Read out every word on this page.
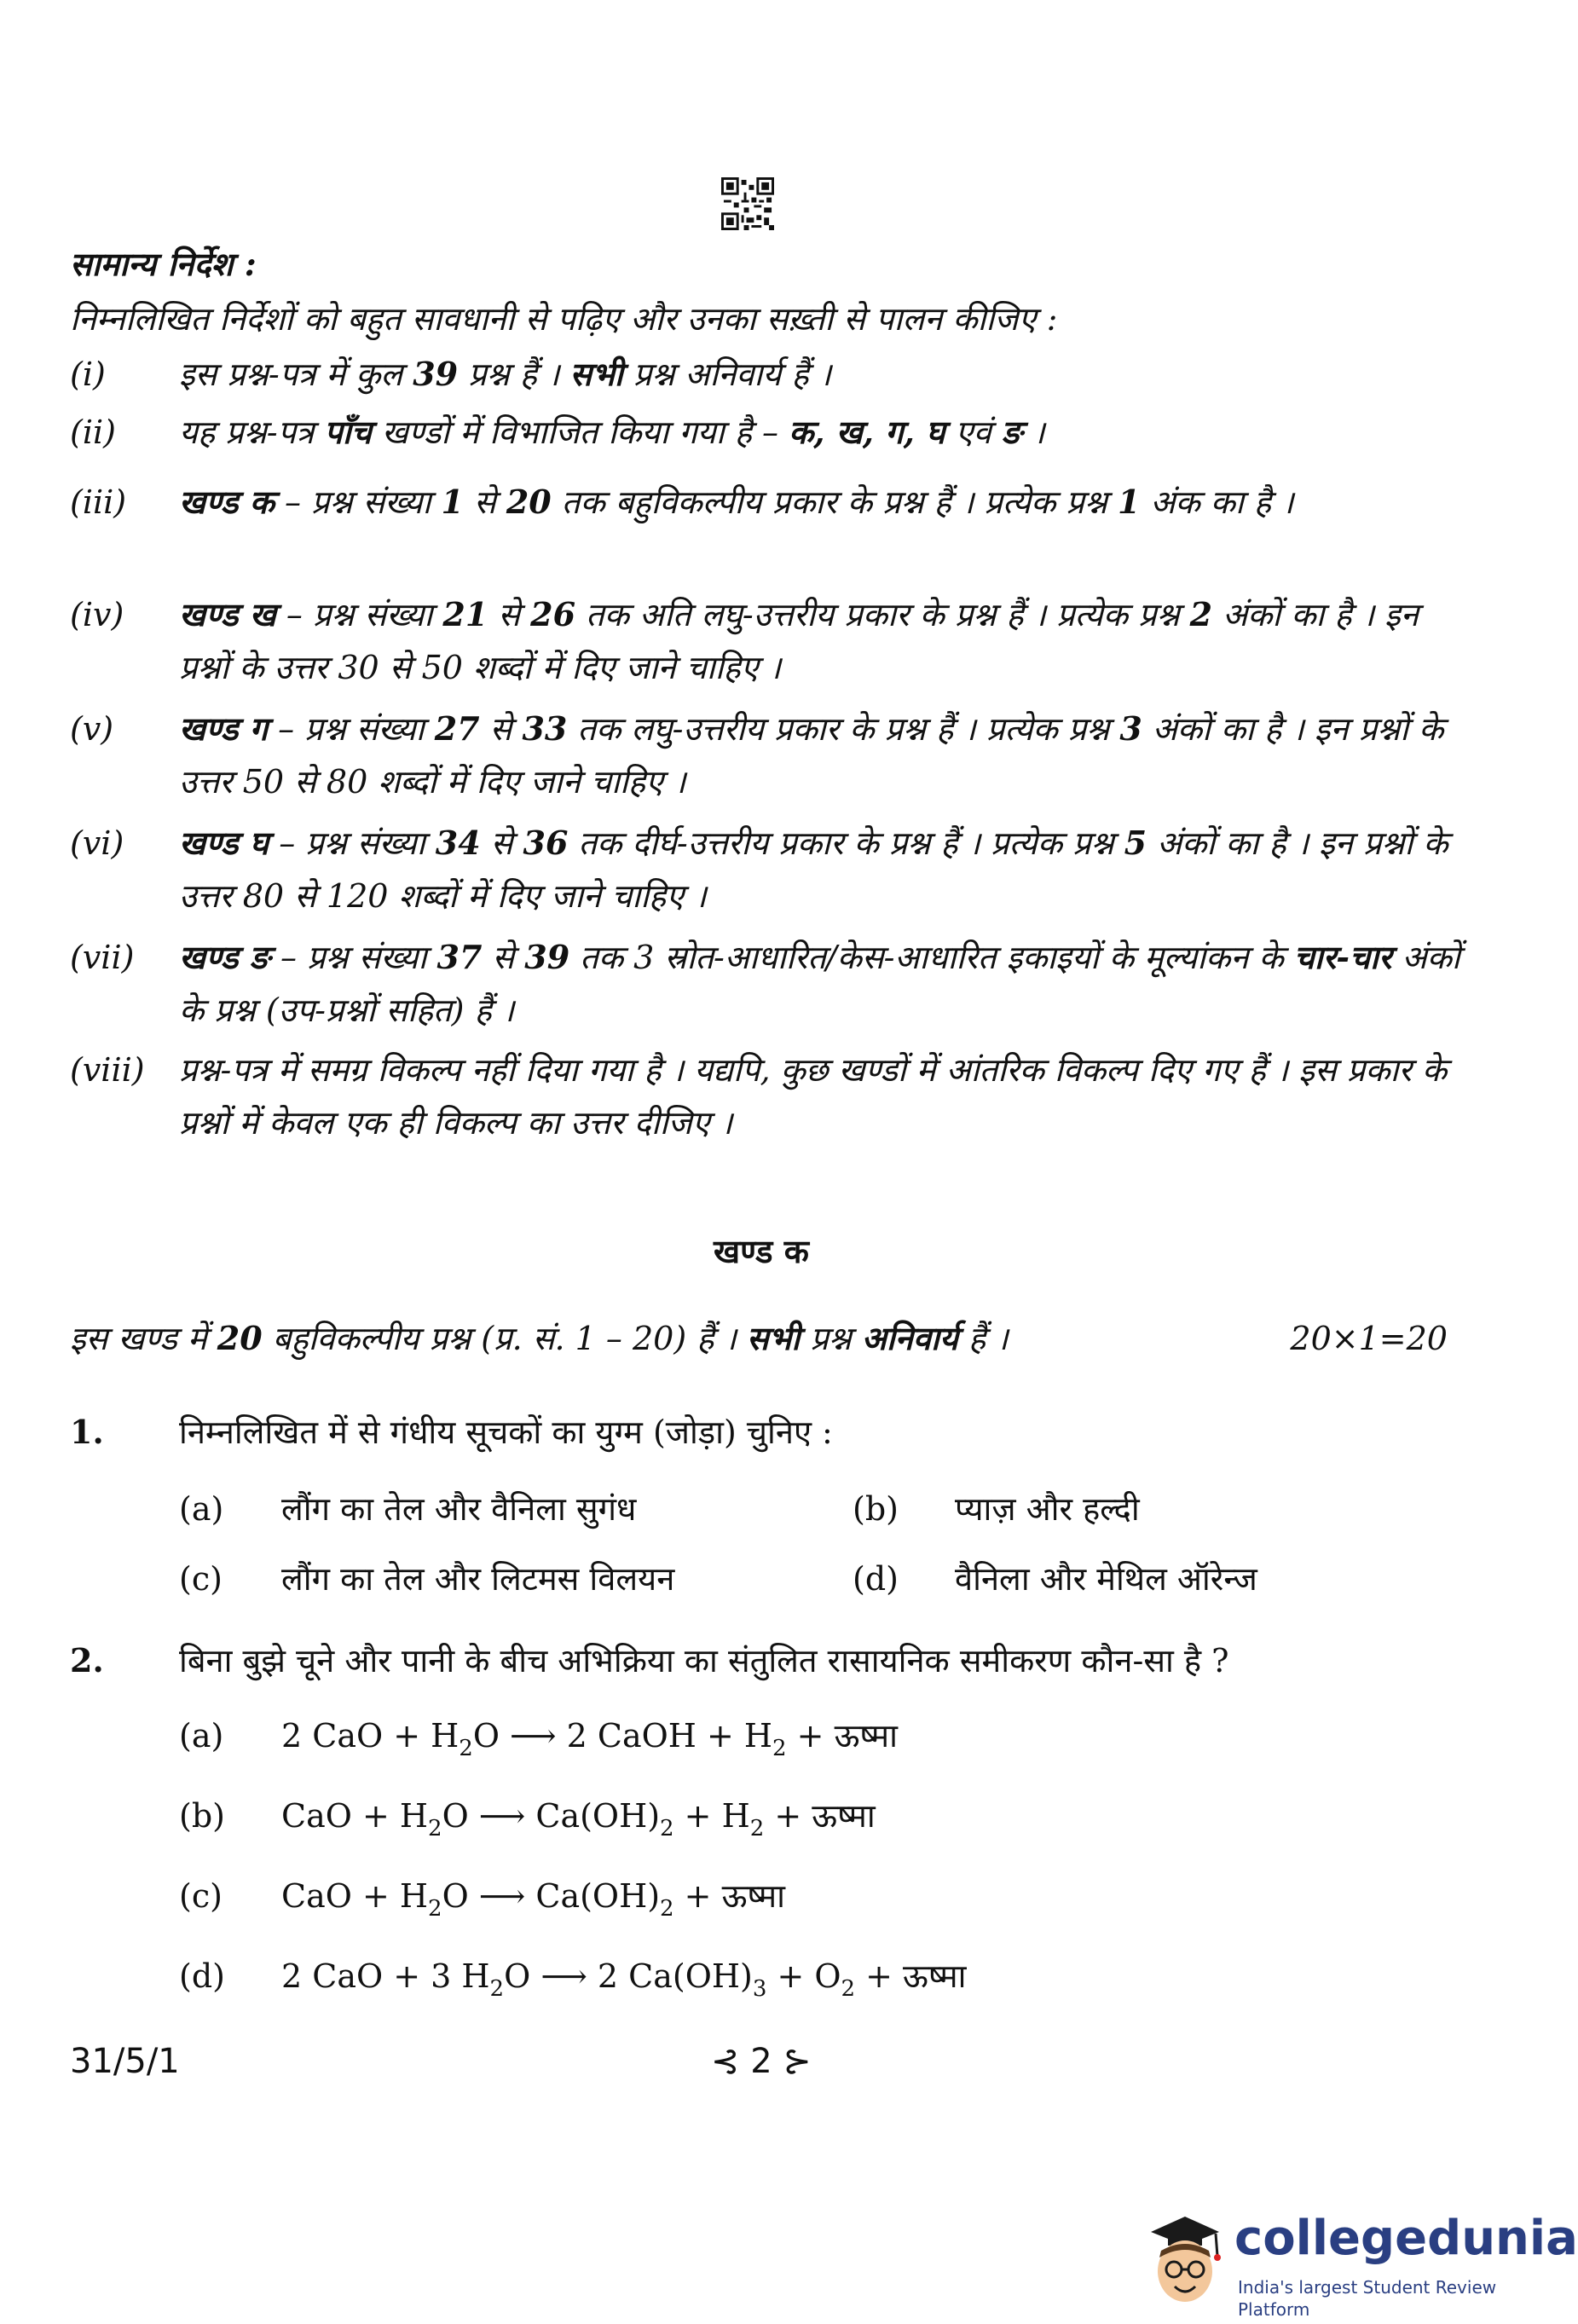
सामान्य निर्देश :
निम्नलिखित निर्देशों को बहुत सावधानी से पढ़िए और उनका सख़्ती से पालन कीजिए :
(i) इस प्रश्न-पत्र में कुल 39 प्रश्न हैं । सभी प्रश्न अनिवार्य हैं ।
(ii) यह प्रश्न-पत्र पाँच खण्डों में विभाजित किया गया है – क, ख, ग, घ एवं ङ ।
(iii) खण्ड क – प्रश्न संख्या 1 से 20 तक बहुविकल्पीय प्रकार के प्रश्न हैं । प्रत्येक प्रश्न 1 अंक का है ।
(iv) खण्ड ख – प्रश्न संख्या 21 से 26 तक अति लघु-उत्तरीय प्रकार के प्रश्न हैं । प्रत्येक प्रश्न 2 अंकों का है । इन प्रश्नों के उत्तर 30 से 50 शब्दों में दिए जाने चाहिए ।
(v) खण्ड ग – प्रश्न संख्या 27 से 33 तक लघु-उत्तरीय प्रकार के प्रश्न हैं । प्रत्येक प्रश्न 3 अंकों का है । इन प्रश्नों के उत्तर 50 से 80 शब्दों में दिए जाने चाहिए ।
(vi) खण्ड घ – प्रश्न संख्या 34 से 36 तक दीर्घ-उत्तरीय प्रकार के प्रश्न हैं । प्रत्येक प्रश्न 5 अंकों का है । इन प्रश्नों के उत्तर 80 से 120 शब्दों में दिए जाने चाहिए ।
(vii) खण्ड ङ – प्रश्न संख्या 37 से 39 तक 3 स्रोत-आधारित/केस-आधारित इकाइयों के मूल्यांकन के चार-चार अंकों के प्रश्न (उप-प्रश्नों सहित) हैं ।
(viii) प्रश्न-पत्र में समग्र विकल्प नहीं दिया गया है । यद्यपि, कुछ खण्डों में आंतरिक विकल्प दिए गए हैं । इस प्रकार के प्रश्नों में केवल एक ही विकल्प का उत्तर दीजिए ।
खण्ड क
इस खण्ड में 20 बहुविकल्पीय प्रश्न (प्र. सं. 1 – 20) हैं । सभी प्रश्न अनिवार्य हैं ।	20×1=20
1. निम्नलिखित में से गंधीय सूचकों का युग्म (जोड़ा) चुनिए :
(a) लौंग का तेल और वैनिला सुगंध	(b) प्याज़ और हल्दी
(c) लौंग का तेल और लिटमस विलयन	(d) वैनिला और मेथिल ऑरेन्ज
2. बिना बुझे चूने और पानी के बीच अभिक्रिया का संतुलित रासायनिक समीकरण कौन-सा है ?
(a) 2 CaO + $H_2O$ ⟶ 2 CaOH + $H_2$ + ऊष्मा
(b) CaO + $H_2O$ ⟶ $Ca(OH)_2 + H_2$ + ऊष्मा
(c) CaO + $H_2O$ ⟶ $Ca(OH)_2$ + ऊष्मा
(d) 2 CaO + 3 $H_2O$ ⟶ 2 $Ca(OH)_3 + O_2$ + ऊष्मा
31/5/1	⊰ 2 ⊱
collegedunia
India's largest Student Review Platform
